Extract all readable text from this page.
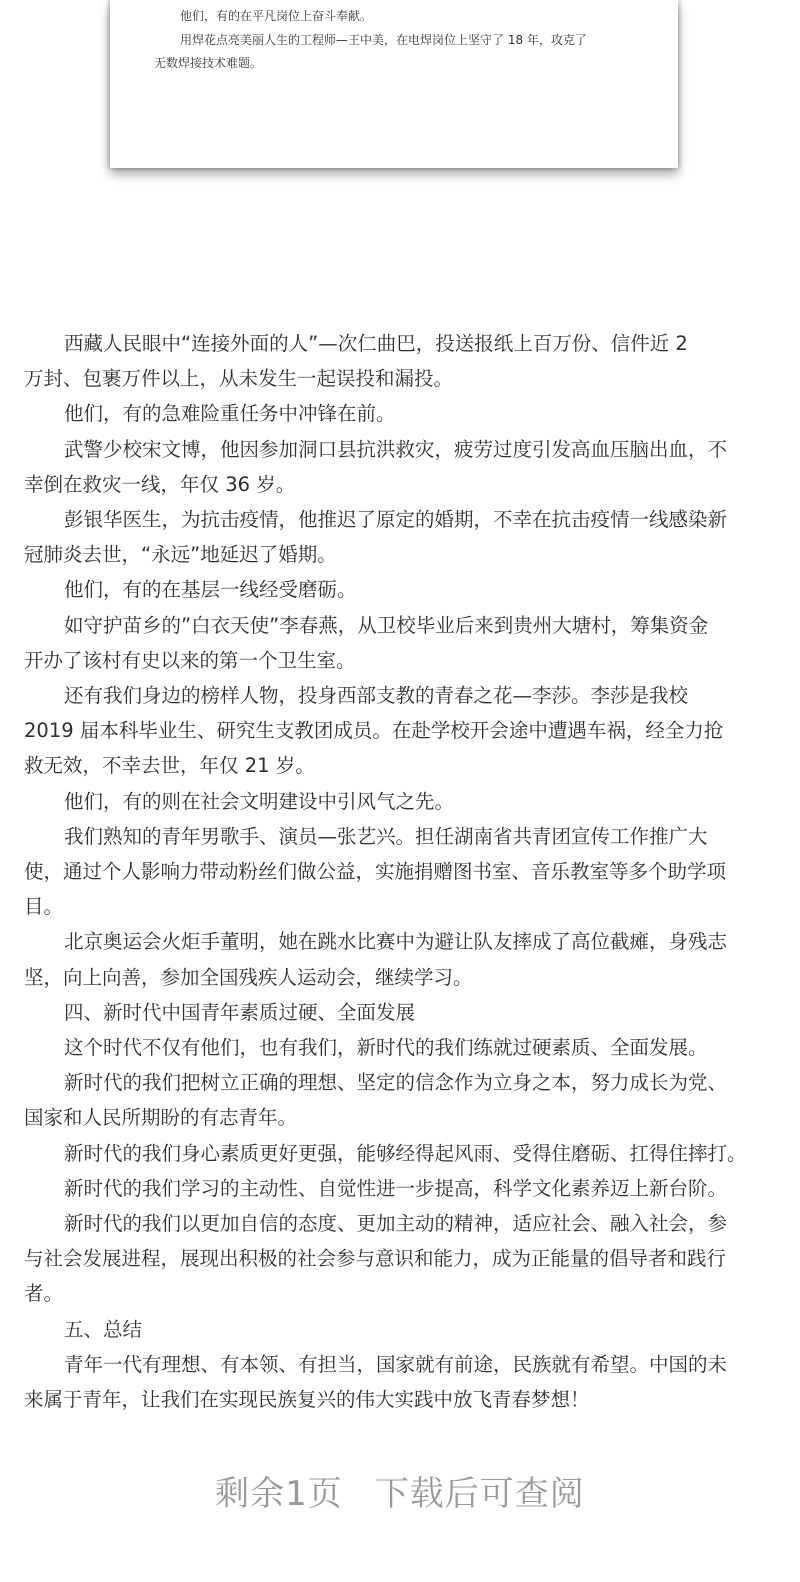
他们，有的在平凡岗位上奋斗奉献。

用焊花点亮美丽人生的工程师—王中美，在电焊岗位上坚守了 18 年，攻克了

无数焊接技术难题。

西藏人民眼中“连接外面的人”—次仁曲巴，投送报纸上百万份、信件近 2

万封、包裹万件以上，从未发生一起误投和漏投。

他们，有的急难险重任务中冲锋在前。

武警少校宋文博，他因参加洞口县抗洪救灾，疲劳过度引发高血压脑出血，不

幸倒在救灾一线，年仅 36 岁。

彭银华医生，为抗击疫情，他推迟了原定的婚期，不幸在抗击疫情一线感染新

冠肺炎去世，“永远”地延迟了婚期。

他们，有的在基层一线经受磨砺。

如守护苗乡的”白衣天使”李春燕，从卫校毕业后来到贵州大塘村，筹集资金

开办了该村有史以来的第一个卫生室。

还有我们身边的榜样人物，投身西部支教的青春之花—李莎。李莎是我校

2019 届本科毕业生、研究生支教团成员。在赴学校开会途中遭遇车祸，经全力抢

救无效，不幸去世，年仅 21 岁。

他们，有的则在社会文明建设中引风气之先。

我们熟知的青年男歌手、演员—张艺兴。担任湖南省共青团宣传工作推广大

使，通过个人影响力带动粉丝们做公益，实施捐赠图书室、音乐教室等多个助学项

目。

北京奥运会火炬手董明，她在跳水比赛中为避让队友摔成了高位截瘫，身残志

坚，向上向善，参加全国残疾人运动会，继续学习。

四、新时代中国青年素质过硬、全面发展

这个时代不仅有他们，也有我们，新时代的我们练就过硬素质、全面发展。

新时代的我们把树立正确的理想、坚定的信念作为立身之本，努力成长为党、

国家和人民所期盼的有志青年。

新时代的我们身心素质更好更强，能够经得起风雨、受得住磨砺、扛得住摔打。

新时代的我们学习的主动性、自觉性进一步提高，科学文化素养迈上新台阶。

新时代的我们以更加自信的态度、更加主动的精神，适应社会、融入社会，参

与社会发展进程，展现出积极的社会参与意识和能力，成为正能量的倡导者和践行

者。

五、总结

青年一代有理想、有本领、有担当，国家就有前途，民族就有希望。中国的未

来属于青年，让我们在实现民族复兴的伟大实践中放飞青春梦想！

剩余1页 下载后可查阅
